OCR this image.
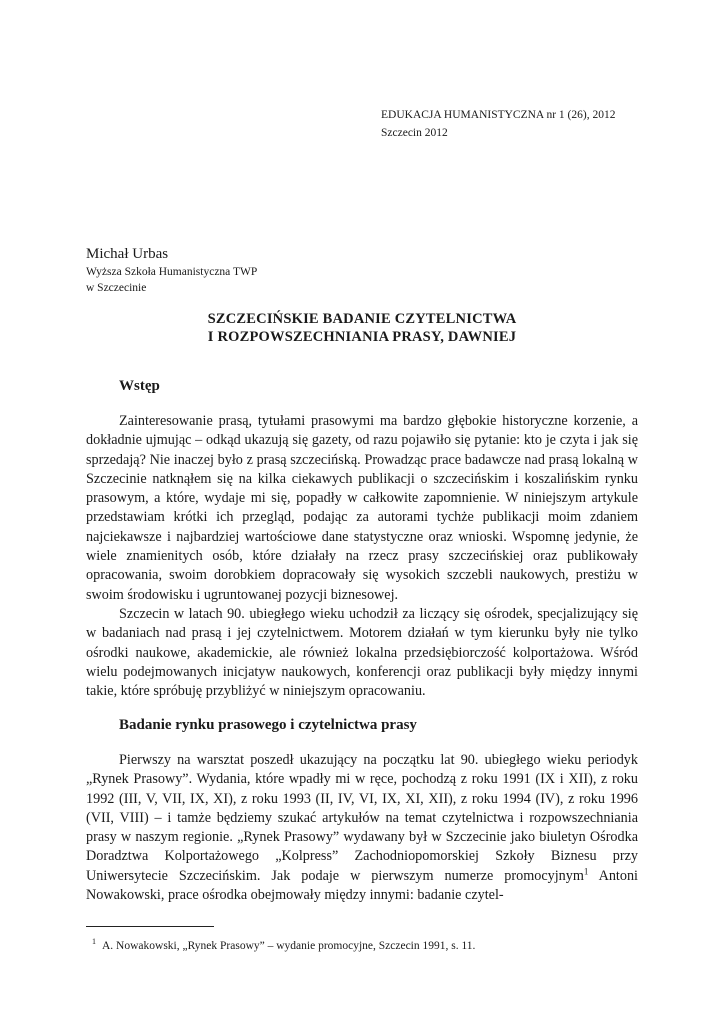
EDUKACJA HUMANISTYCZNA nr 1 (26), 2012
Szczecin 2012
Michał Urbas
Wyższa Szkoła Humanistyczna TWP
w Szczecinie
SZCZECIŃSKIE BADANIE CZYTELNICTWA
I ROZPOWSZECHNIANIA PRASY, DAWNIEJ
Wstęp

Zainteresowanie prasą, tytułami prasowymi ma bardzo głębokie historyczne korzenie, a dokładnie ujmując – odkąd ukazują się gazety, od razu pojawiło się pytanie: kto je czyta i jak się sprzedają? Nie inaczej było z prasą szczecińską. Prowadząc prace badawcze nad prasą lokalną w Szczecinie natknąłem się na kilka ciekawych publikacji o szczecińskim i koszalińskim rynku prasowym, a które, wydaje mi się, popadły w całkowite zapomnienie. W niniejszym artykule przedstawiam krótki ich przegląd, podając za autorami tychże publikacji moim zdaniem najciekawsze i najbardziej wartościowe dane statystyczne oraz wnioski. Wspomnę jedynie, że wiele znamienitych osób, które działały na rzecz prasy szczecińskiej oraz publikowały opracowania, swoim dorobkiem dopracowały się wysokich szczebli naukowych, prestiżu w swoim środowisku i ugruntowanej pozycji biznesowej.

Szczecin w latach 90. ubiegłego wieku uchodził za liczący się ośrodek, specjalizujący się w badaniach nad prasą i jej czytelnictwem. Motorem działań w tym kierunku były nie tylko ośrodki naukowe, akademickie, ale również lokalna przedsiębiorczość kolportażowa. Wśród wielu podejmowanych inicjatyw naukowych, konferencji oraz publikacji były między innymi takie, które spróbuję przybliżyć w niniejszym opracowaniu.

Badanie rynku prasowego i czytelnictwa prasy

Pierwszy na warsztat poszedł ukazujący na początku lat 90. ubiegłego wieku periodyk „Rynek Prasowy”. Wydania, które wpadły mi w ręce, pochodzą z roku 1991 (IX i XII), z roku 1992 (III, V, VII, IX, XI), z roku 1993 (II, IV, VI, IX, XI, XII), z roku 1994 (IV), z roku 1996 (VII, VIII) – i tamże będziemy szukać artykułów na temat czytelnictwa i rozpowszechniania prasy w naszym regionie. „Rynek Prasowy” wydawany był w Szczecinie jako biuletyn Ośrodka Doradztwa Kolportażowego „Kolpress” Zachodniopomorskiej Szkoły Biznesu przy Uniwersytecie Szczecińskim. Jak podaje w pierwszym numerze promocyjnym$^1$ Antoni Nowakowski, prace ośrodka obejmowały między innymi: badanie czytel-

$^1$ A. Nowakowski, „Rynek Prasowy” – wydanie promocyjne, Szczecin 1991, s. 11.
